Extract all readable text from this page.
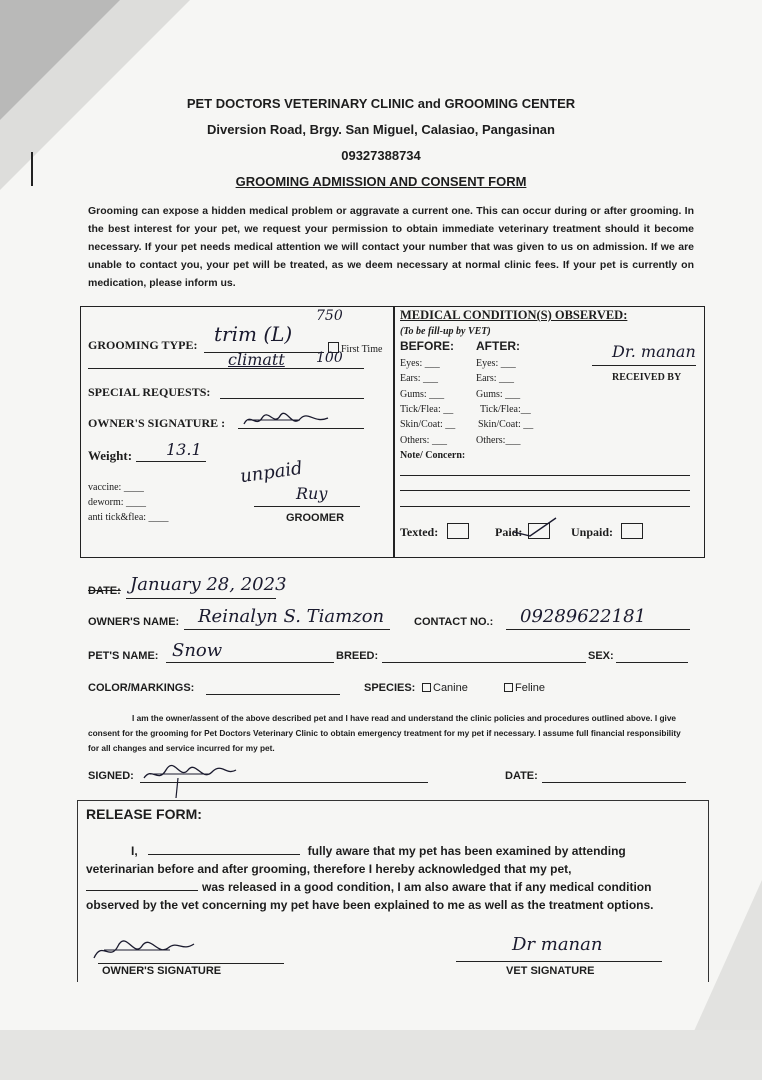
PET DOCTORS VETERINARY CLINIC and GROOMING CENTER
Diversion Road, Brgy. San Miguel, Calasiao, Pangasinan
09327388734
GROOMING ADMISSION AND CONSENT FORM
Grooming can expose a hidden medical problem or aggravate a current one. This can occur during or after grooming. In the best interest for your pet, we request your permission to obtain immediate veterinary treatment should it become necessary. If your pet needs medical attention we will contact your number that was given to us on admission. If we are unable to contact you, your pet will be treated, as we deem necessary at normal clinic fees. If your pet is currently on medication, please inform us.
GROOMING TYPE: trim (L)
750
First Time
climatt 100
SPECIAL REQUESTS:
OWNER'S SIGNATURE :
Weight: 13.1
unpaid
vaccine: ____
deworm: ____
anti tick&flea: ____
Ruy
GROOMER
MEDICAL CONDITION(S) OBSERVED:
(To be fill-up by VET)
BEFORE: AFTER:
Eyes: ___	Eyes: ___
Ears: ___	Ears: ___
Gums: ___	Gums: ___
Tick/Flea: __	Tick/Flea:__
Skin/Coat: __ Skin/Coat: __
Others: ___	Others:___
Dr. manan
RECEIVED BY
Note/ Concern:
Texted:	Paid:	Unpaid:
DATE: January 28, 2023
OWNER'S NAME: Reinalyn S. Tiamzon	CONTACT NO.: 09289622181
PET'S NAME: Snow	BREED:	SEX:
COLOR/MARKINGS:	SPECIES:	Canine	Feline
I am the owner/assent of the above described pet and I have read and understand the clinic policies and procedures outlined above. I give consent for the grooming for Pet Doctors Veterinary Clinic to obtain emergency treatment for my pet if necessary. I assume full financial responsibility for all changes and service incurred for my pet.
SIGNED:	DATE:
RELEASE FORM:
I,	fully aware that my pet has been examined by attending
veterinarian before and after grooming, therefore I hereby acknowledged that my pet,
was released in a good condition, I am also aware that if any medical condition
observed by the vet concerning my pet have been explained to me as well as the treatment options.
OWNER'S SIGNATURE
Dr manan
VET SIGNATURE
